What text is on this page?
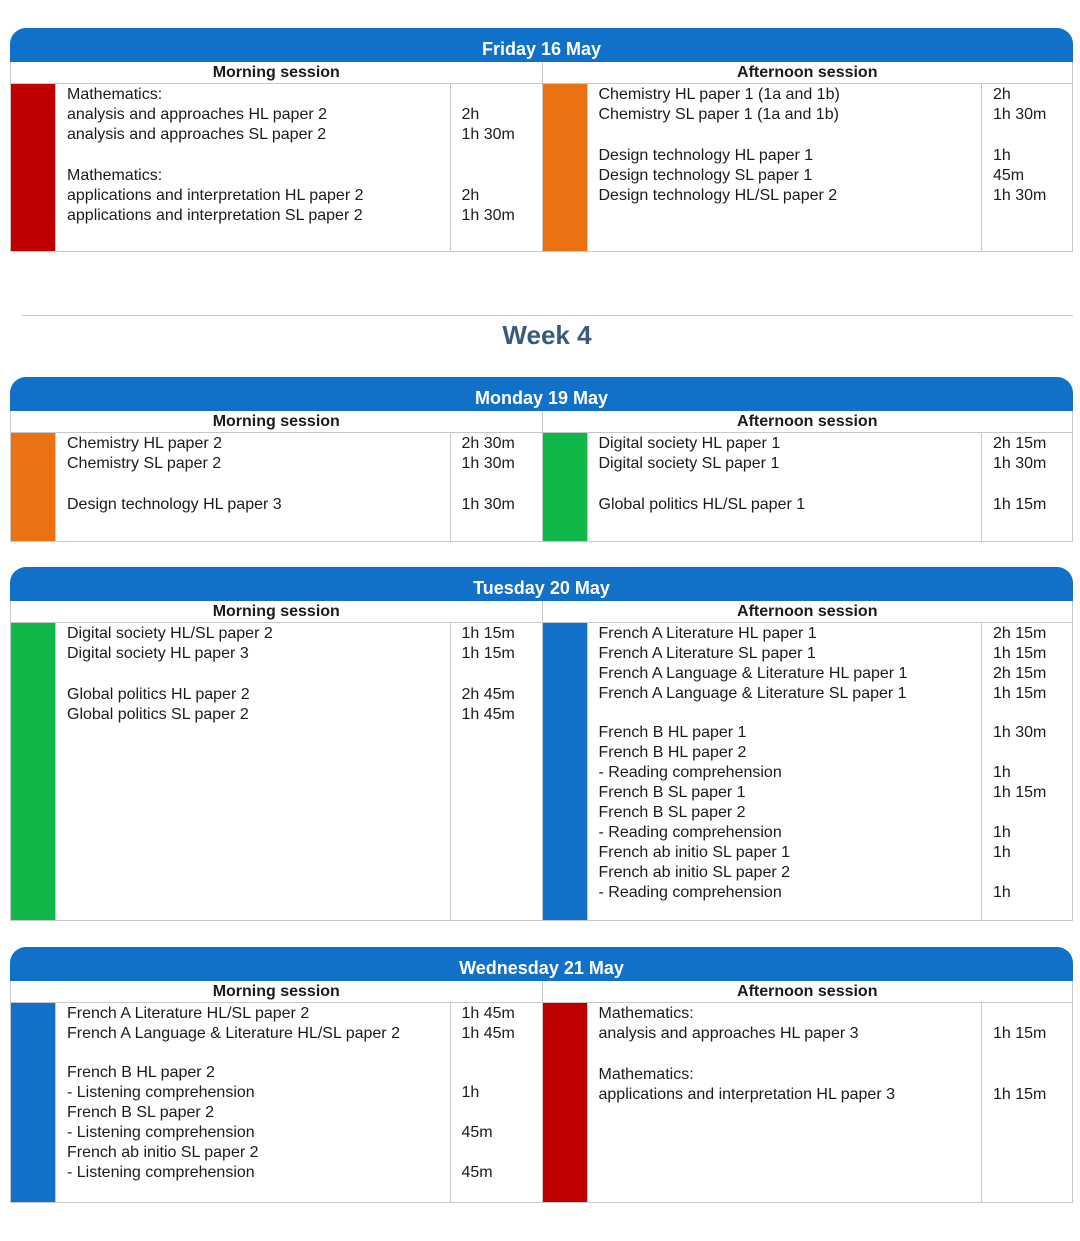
Friday 16 May
Morning session
Mathematics:
analysis and approaches HL paper 2
analysis and approaches SL paper 2
Mathematics:
applications and interpretation HL paper 2
applications and interpretation SL paper 2
2h
1h 30m
2h
1h 30m
Afternoon session
Chemistry HL paper 1 (1a and 1b)
Chemistry SL paper 1 (1a and 1b)
Design technology HL paper 1
Design technology SL paper 1
Design technology HL/SL paper 2
2h
1h 30m
1h
45m
1h 30m
Week 4
Monday 19 May
Morning session
Chemistry HL paper 2
Chemistry SL paper 2
Design technology HL paper 3
2h 30m
1h 30m
1h 30m
Afternoon session
Digital society HL paper 1
Digital society SL paper 1
Global politics HL/SL paper 1
2h 15m
1h 30m
1h 15m
Tuesday 20 May
Morning session
Digital society HL/SL paper 2
Digital society HL paper 3
Global politics HL paper 2
Global politics SL paper 2
1h 15m
1h 15m
2h 45m
1h 45m
Afternoon session
French A Literature HL paper 1
French A Literature SL paper 1
French A Language & Literature HL paper 1
French A Language & Literature SL paper 1
French B HL paper 1
French B HL paper 2
- Reading comprehension
French B SL paper 1
French B SL paper 2
- Reading comprehension
French ab initio SL paper 1
French ab initio SL paper 2
- Reading comprehension
2h 15m
1h 15m
2h 15m
1h 15m
1h 30m
1h
1h 15m
1h
1h
1h
Wednesday 21 May
Morning session
French A Literature HL/SL paper 2
French A Language & Literature HL/SL paper 2
French B HL paper 2
- Listening comprehension
French B SL paper 2
- Listening comprehension
French ab initio SL paper 2
- Listening comprehension
1h 45m
1h 45m
1h
45m
45m
Afternoon session
Mathematics:
analysis and approaches HL paper 3
Mathematics:
applications and interpretation HL paper 3
1h 15m
1h 15m
